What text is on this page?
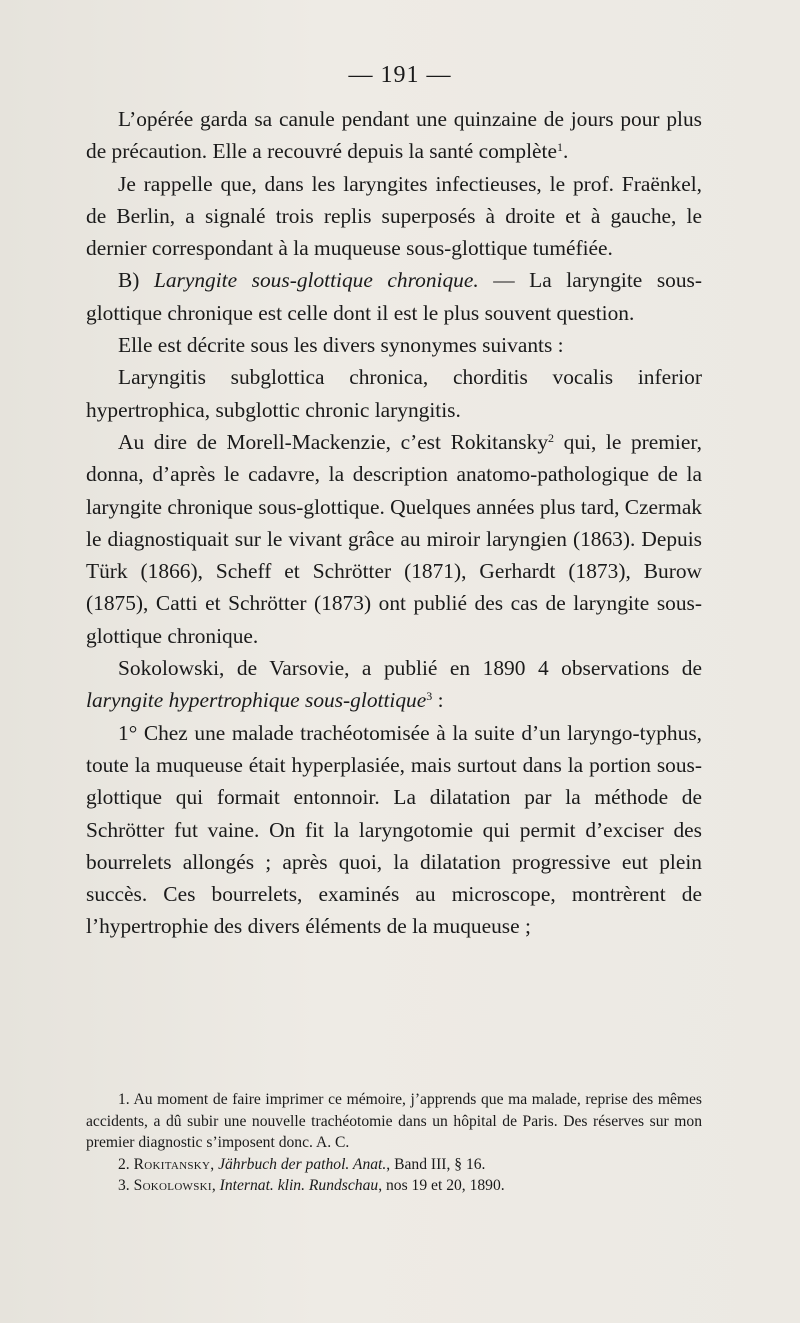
— 191 —

L’opérée garda sa canule pendant une quinzaine de jours pour plus de précaution. Elle a recouvré depuis la santé complète$^1$.

Je rappelle que, dans les laryngites infectieuses, le prof. Fraënkel, de Berlin, a signalé trois replis superposés à droite et à gauche, le dernier correspondant à la muqueuse sous-glottique tuméfiée.

B) Laryngite sous-glottique chronique. — La laryngite sous-glottique chronique est celle dont il est le plus souvent question.

Elle est décrite sous les divers synonymes suivants :

Laryngitis subglottica chronica, chorditis vocalis inferior hypertrophica, subglottic chronic laryngitis.

Au dire de Morell-Mackenzie, c’est Rokitansky$^2$ qui, le premier, donna, d’après le cadavre, la description anatomo-pathologique de la laryngite chronique sous-glottique. Quelques années plus tard, Czermak le diagnostiquait sur le vivant grâce au miroir laryngien (1863). Depuis Türk (1866), Scheff et Schrötter (1871), Gerhardt (1873), Burow (1875), Catti et Schrötter (1873) ont publié des cas de laryngite sous-glottique chronique.

Sokolowski, de Varsovie, a publié en 1890 4 observations de laryngite hypertrophique sous-glottique$^3$ :

1° Chez une malade trachéotomisée à la suite d’un laryngo-typhus, toute la muqueuse était hyperplasiée, mais surtout dans la portion sous-glottique qui formait entonnoir. La dilatation par la méthode de Schrötter fut vaine. On fit la laryngotomie qui permit d’exciser des bourrelets allongés ; après quoi, la dilatation progressive eut plein succès. Ces bourrelets, examinés au microscope, montrèrent de l’hypertrophie des divers éléments de la muqueuse ;

1. Au moment de faire imprimer ce mémoire, j’apprends que ma malade, reprise des mêmes accidents, a dû subir une nouvelle trachéotomie dans un hôpital de Paris. Des réserves sur mon premier diagnostic s’imposent donc. A. C.

2. Rokitansky, Jährbuch der pathol. Anat., Band III, § 16.

3. Sokolowski, Internat. klin. Rundschau, nos 19 et 20, 1890.
